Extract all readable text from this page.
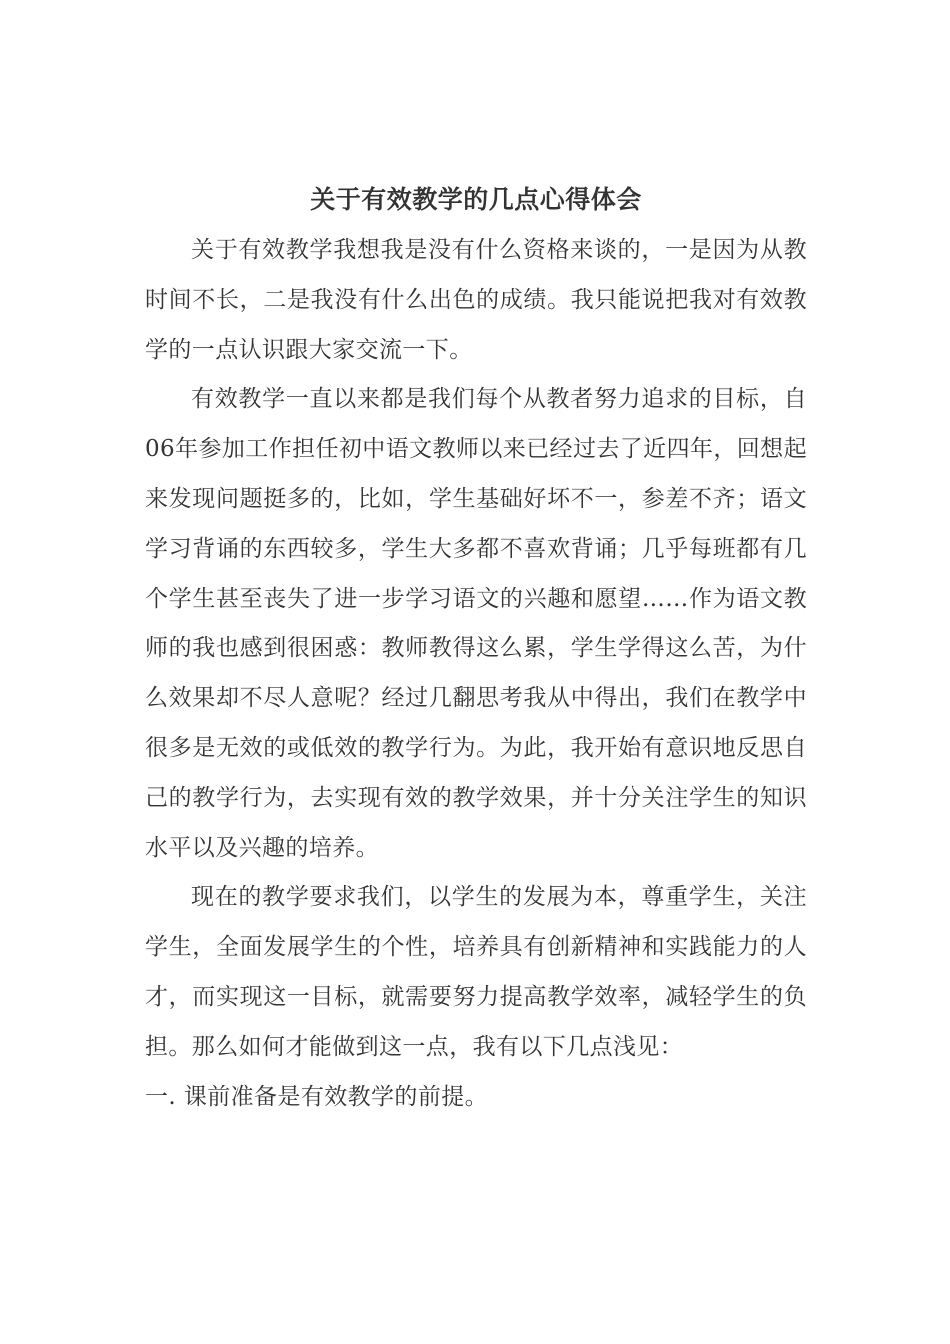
关于有效教学的几点心得体会

关于有效教学我想我是没有什么资格来谈的，一是因为从教时间不长，二是我没有什么出色的成绩。我只能说把我对有效教学的一点认识跟大家交流一下。

有效教学一直以来都是我们每个从教者努力追求的目标，自06年参加工作担任初中语文教师以来已经过去了近四年，回想起来发现问题挺多的，比如，学生基础好坏不一，参差不齐；语文学习背诵的东西较多，学生大多都不喜欢背诵；几乎每班都有几个学生甚至丧失了进一步学习语文的兴趣和愿望……作为语文教师的我也感到很困惑：教师教得这么累，学生学得这么苦，为什么效果却不尽人意呢？经过几翻思考我从中得出，我们在教学中很多是无效的或低效的教学行为。为此，我开始有意识地反思自己的教学行为，去实现有效的教学效果，并十分关注学生的知识水平以及兴趣的培养。

现在的教学要求我们，以学生的发展为本，尊重学生，关注学生，全面发展学生的个性，培养具有创新精神和实践能力的人才，而实现这一目标，就需要努力提高教学效率，减轻学生的负担。那么如何才能做到这一点，我有以下几点浅见：

一. 课前准备是有效教学的前提。
